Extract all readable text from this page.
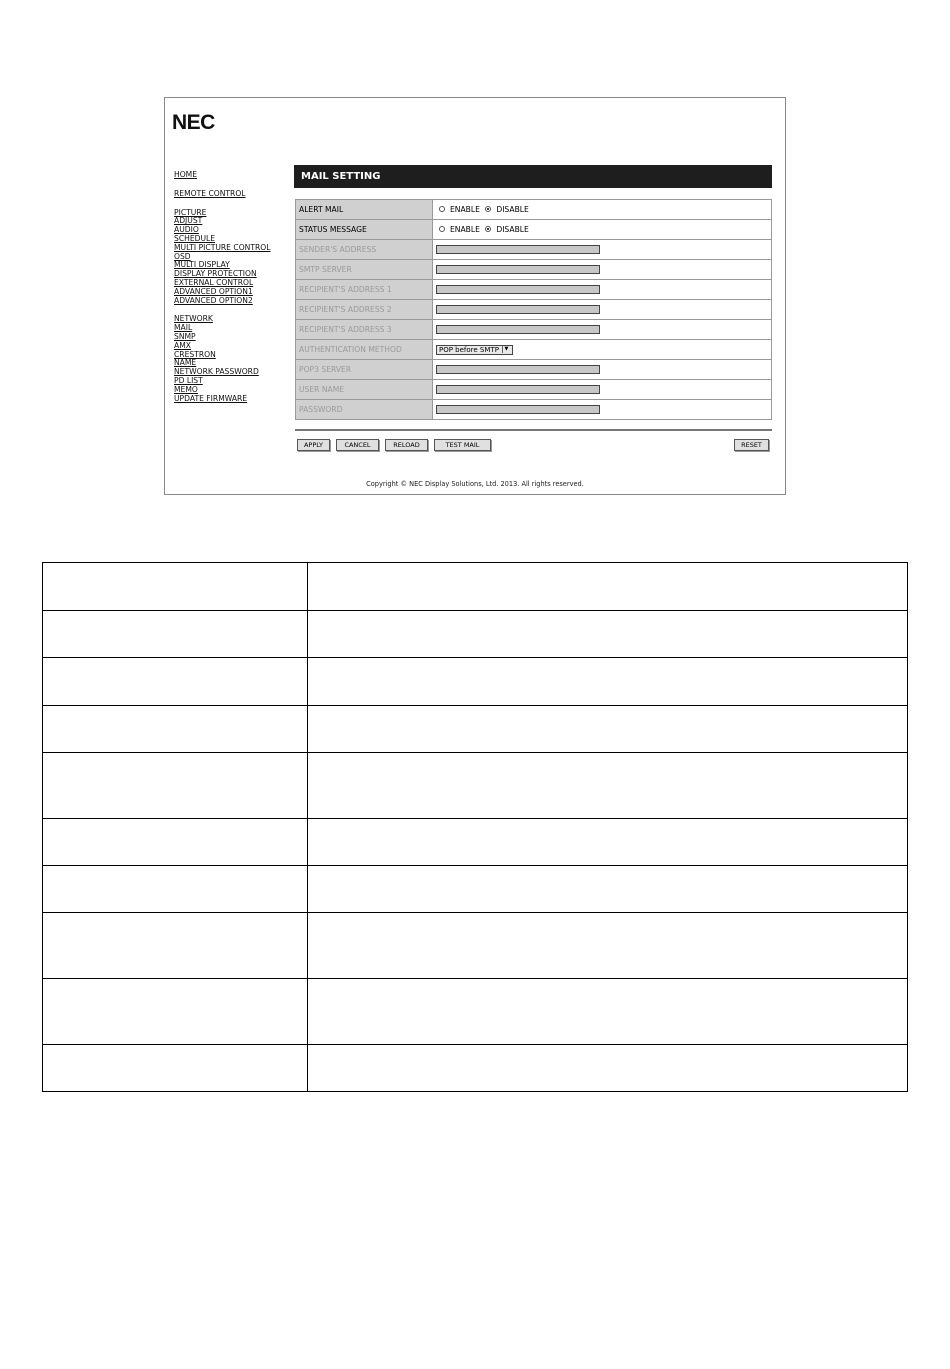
NEC
HOME
REMOTE CONTROL
PICTURE
ADJUST
AUDIO
SCHEDULE
MULTI PICTURE CONTROL
OSD
MULTI DISPLAY
DISPLAY PROTECTION
EXTERNAL CONTROL
ADVANCED OPTION1
ADVANCED OPTION2
NETWORK
MAIL
SNMP
AMX
CRESTRON
NAME
NETWORK PASSWORD
PD LIST
MEMO
UPDATE FIRMWARE
MAIL SETTING
ALERT MAIL	ENABLE DISABLE
STATUS MESSAGE	ENABLE DISABLE
SENDER'S ADDRESS	
SMTP SERVER	
RECIPIENT'S ADDRESS 1	
RECIPIENT'S ADDRESS 2	
RECIPIENT'S ADDRESS 3	
AUTHENTICATION METHOD	POP before SMTP ▼
POP3 SERVER	
USER NAME	
PASSWORD	
APPLY	CANCEL	RELOAD	TEST MAIL	RESET
Copyright © NEC Display Solutions, Ltd. 2013. All rights reserved.
